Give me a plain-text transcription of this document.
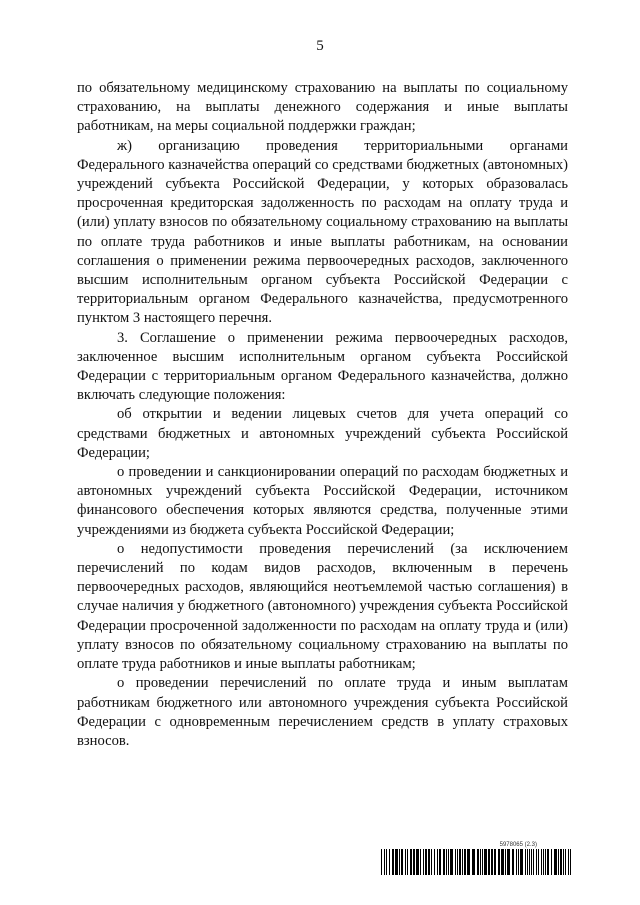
5

по обязательному медицинскому страхованию на выплаты по социальному страхованию, на выплаты денежного содержания и иные выплаты работникам, на меры социальной поддержки граждан;

ж) организацию проведения территориальными органами Федерального казначейства операций со средствами бюджетных (автономных) учреждений субъекта Российской Федерации, у которых образовалась просроченная кредиторская задолженность по расходам на оплату труда и (или) уплату взносов по обязательному социальному страхованию на выплаты по оплате труда работников и иные выплаты работникам, на основании соглашения о применении режима первоочередных расходов, заключенного высшим исполнительным органом субъекта Российской Федерации с территориальным органом Федерального казначейства, предусмотренного пунктом 3 настоящего перечня.

3. Соглашение о применении режима первоочередных расходов, заключенное высшим исполнительным органом субъекта Российской Федерации с территориальным органом Федерального казначейства, должно включать следующие положения:

об открытии и ведении лицевых счетов для учета операций со средствами бюджетных и автономных учреждений субъекта Российской Федерации;

о проведении и санкционировании операций по расходам бюджетных и автономных учреждений субъекта Российской Федерации, источником финансового обеспечения которых являются средства, полученные этими учреждениями из бюджета субъекта Российской Федерации;

о недопустимости проведения перечислений (за исключением перечислений по кодам видов расходов, включенным в перечень первоочередных расходов, являющийся неотъемлемой частью соглашения) в случае наличия у бюджетного (автономного) учреждения субъекта Российской Федерации просроченной задолженности по расходам на оплату труда и (или) уплату взносов по обязательному социальному страхованию на выплаты по оплате труда работников и иные выплаты работникам;

о проведении перечислений по оплате труда и иным выплатам работникам бюджетного или автономного учреждения субъекта Российской Федерации с одновременным перечислением средств в уплату страховых взносов.

5978065 (2.3)
